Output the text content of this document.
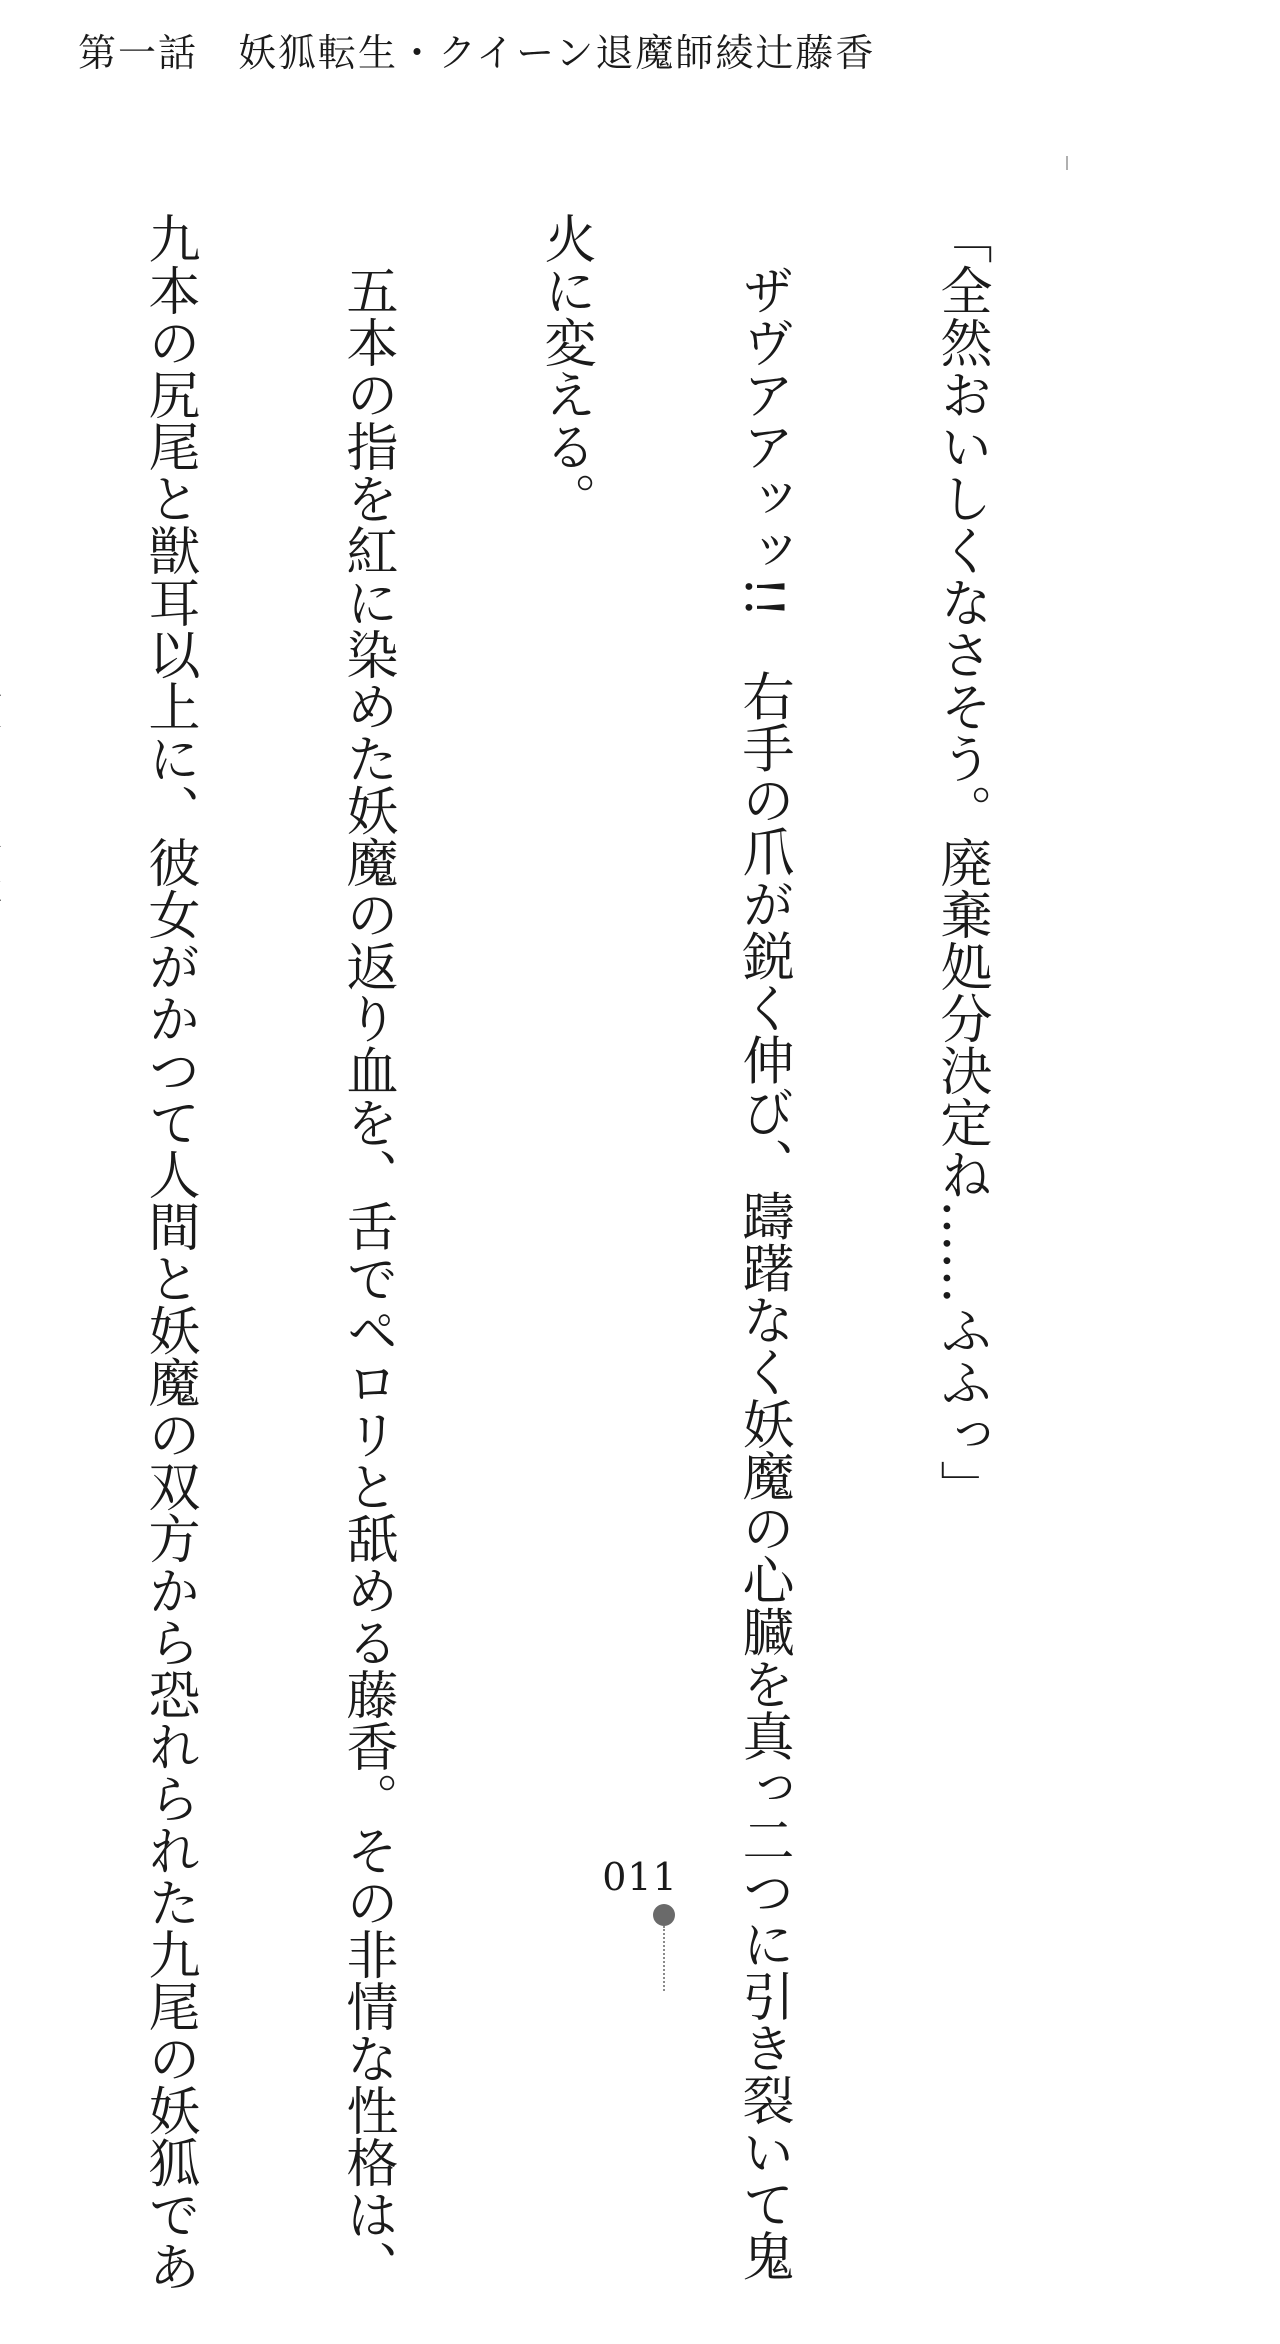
第一話　妖狐転生・クイーン退魔師綾辻藤香

「全然おいしくなさそう。廃棄処分決定ね……ふふっ」

　ザヴアアッッ!!　右手の爪が鋭く伸び、躊躇なく妖魔の心臓を真っ二つに引き裂いて鬼

火に変える。

　五本の指を紅に染めた妖魔の返り血を、舌でペロリと舐める藤香。その非情な性格は、

九本の尻尾と獣耳以上に、彼女がかつて人間と妖魔の双方から恐れられた九尾の妖狐であ

	011
